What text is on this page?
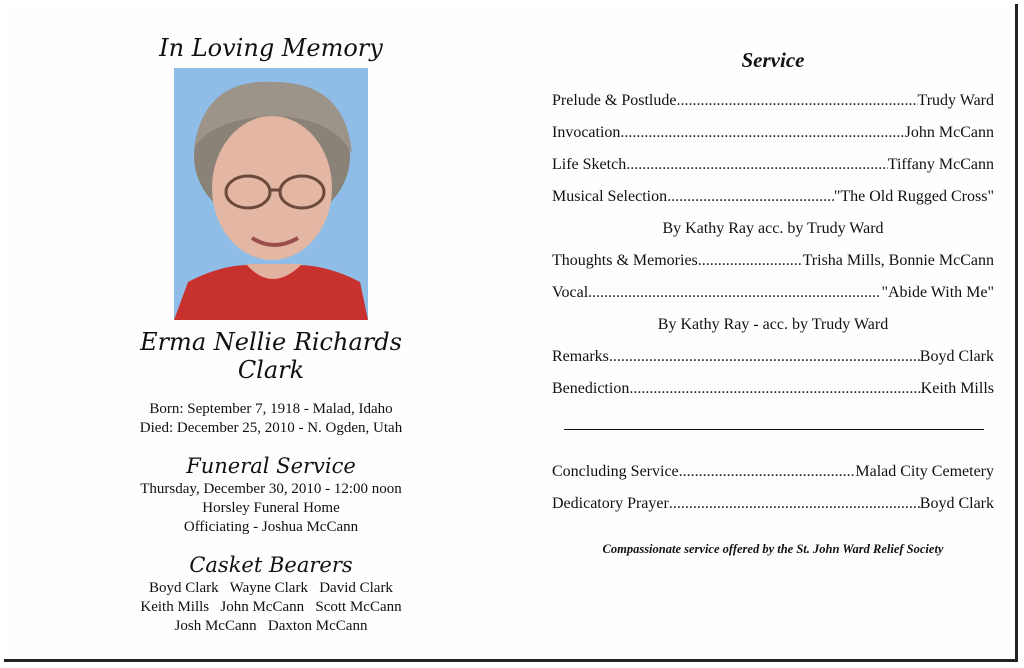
In Loving Memory
Erma Nellie Richards Clark
Born: September 7, 1918 - Malad, Idaho
Died: December 25, 2010 - N. Ogden, Utah
Funeral Service
Thursday, December 30, 2010 - 12:00 noon
Horsley Funeral Home
Officiating - Joshua McCann
Casket Bearers
Boyd Clark   Wayne Clark   David Clark
Keith Mills   John McCann   Scott McCann
Josh McCann   Daxton McCann
Service
Prelude & Postlude .....	Trudy Ward
Invocation .....	John McCann
Life Sketch .....	Tiffany McCann
Musical Selection .....	"The Old Rugged Cross"
By Kathy Ray acc. by Trudy Ward
Thoughts & Memories .....	Trisha Mills, Bonnie McCann
Vocal .....	"Abide With Me"
By Kathy Ray - acc. by Trudy Ward
Remarks .....	Boyd Clark
Benediction .....	Keith Mills
Concluding Service .....	Malad City Cemetery
Dedicatory Prayer .....	Boyd Clark
Compassionate service offered by the St. John Ward Relief Society
